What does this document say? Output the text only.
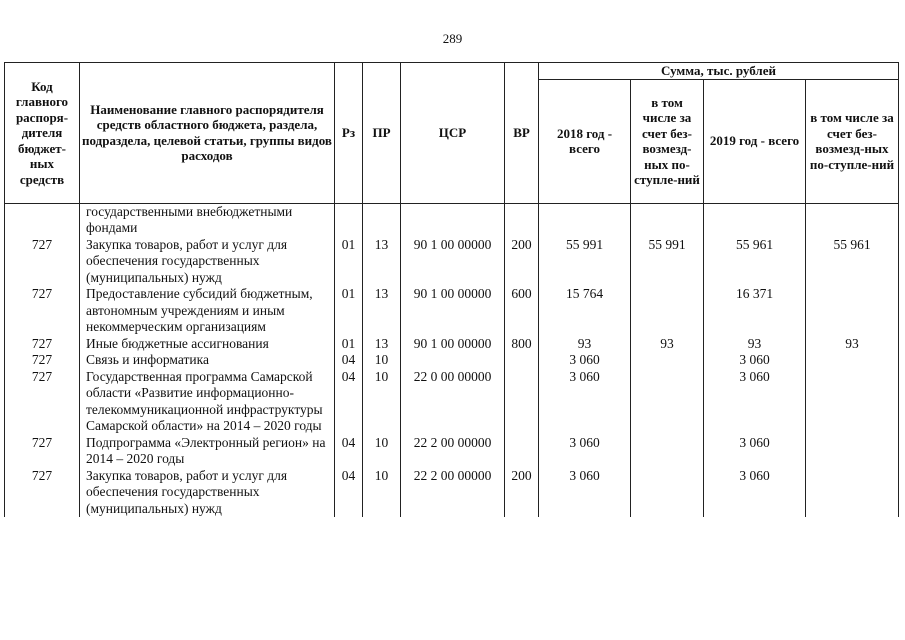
289
Код главного распоря-дителя бюджет-ных средств	Наименование главного распорядителя средств областного бюджета, раздела, подраздела, целевой статьи, группы видов расходов	Рз	ПР	ЦСР	ВР	Сумма, тыс. рублей			
						2018 год - всего	в том числе за счет без-возмезд-ных по-ступле-ний	2019 год - всего	в том числе за счет без-возмезд-ных по-ступле-ний
	государственными внебюджетными фондами								
727	Закупка товаров, работ и услуг для обеспечения государственных (муниципальных) нужд	01	13	90 1 00 00000	200	55 991	55 991	55 961	55 961
727	Предоставление субсидий бюджетным, автономным учреждениям и иным некоммерческим организациям	01	13	90 1 00 00000	600	15 764		16 371	
727	Иные бюджетные ассигнования	01	13	90 1 00 00000	800	93	93	93	93
727	Связь и информатика	04	10			3 060		3 060	
727	Государственная программа Самарской области «Развитие информационно-телекоммуникационной инфраструктуры Самарской области» на 2014 – 2020 годы	04	10	22 0 00 00000		3 060		3 060	
727	Подпрограмма «Электронный регион» на 2014 – 2020 годы	04	10	22 2 00 00000		3 060		3 060	
727	Закупка товаров, работ и услуг для обеспечения государственных (муниципальных) нужд	04	10	22 2 00 00000	200	3 060		3 060	
